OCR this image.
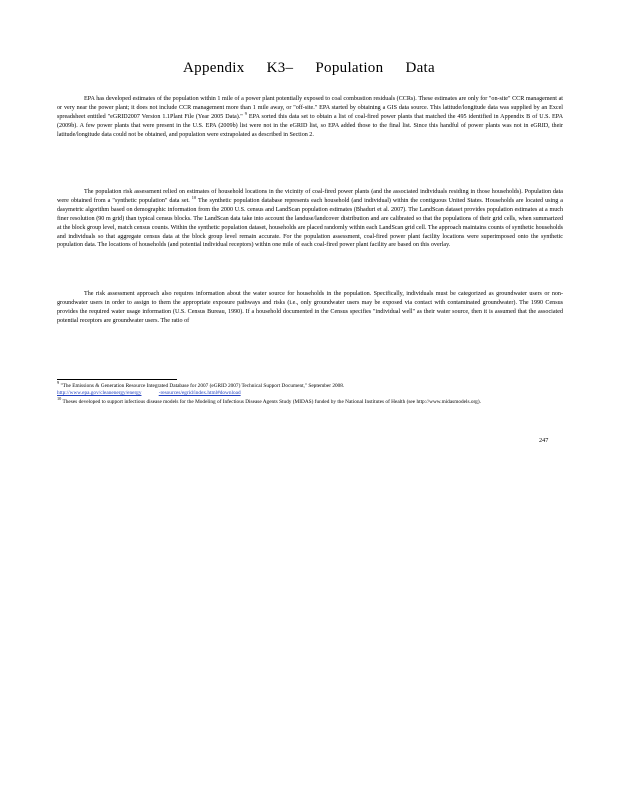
Appendix K3– Population Data

EPA has developed estimates of the population within 1 mile of a power plant potentially exposed to coal combustion residuals (CCRs). These estimates are only for "on-site" CCR management at or very near the power plant; it does not include CCR management more than 1 mile away, or "off-site." EPA started by obtaining a GIS data source. This latitude/longitude data was supplied by an Excel spreadsheet entitled "eGRID2007 Version 1.1Plant File (Year 2005 Data)." $^9$ EPA sorted this data set to obtain a list of coal-fired power plants that matched the 495 identified in Appendix B of U.S. EPA (2009b). A few power plants that were present in the U.S. EPA (2009b) list were not in the eGRID list, so EPA added those to the final list. Since this handful of power plants was not in eGRID, their latitude/longitude data could not be obtained, and population were extrapolated as described in Section 2.

The population risk assessment relied on estimates of household locations in the vicinity of coal-fired power plants (and the associated individuals residing in those households). Population data were obtained from a "synthetic population" data set. $^{10}$ The synthetic population database represents each household (and individual) within the contiguous United States. Households are located using a dasymetric algorithm based on demographic information from the 2000 U.S. census and LandScan population estimates (Bhaduri et al. 2007). The LandScan dataset provides population estimates at a much finer resolution (90 m grid) than typical census blocks. The LandScan data take into account the landuse/landcover distribution and are calibrated so that the populations of their grid cells, when summarized at the block group level, match census counts. Within the synthetic population dataset, households are placed randomly within each LandScan grid cell. The approach maintains counts of synthetic households and individuals so that aggregate census data at the block group level remain accurate. For the population assessment, coal-fired power plant facility locations were superimposed onto the synthetic population data. The locations of households (and potential individual receptors) within one mile of each coal-fired power plant facility are based on this overlay.

The risk assessment approach also requires information about the water source for households in the population. Specifically, individuals must be categorized as groundwater users or non-groundwater users in order to assign to them the appropriate exposure pathways and risks (i.e., only groundwater users may be exposed via contact with contaminated groundwater). The 1990 Census provides the required water usage information (U.S. Census Bureau, 1990). If a household documented in the Census specifies "individual well" as their water source, then it is assumed that the associated potential receptors are groundwater users. The ratio of

$^9$ "The Emissions & Generation Resource Integrated Database for 2007 (eGRID 2007) Technical Support Document," September 2008.
http://www.epa.gov/cleanenergy/energy	-resources/egrid/index.html#download

$^{10}$ Theses developed to support infectious disease models for the Modeling of Infectious Disease Agents Study (MIDAS) funded by the National Institutes of Health (see http://www.midasmodels.org).

247
